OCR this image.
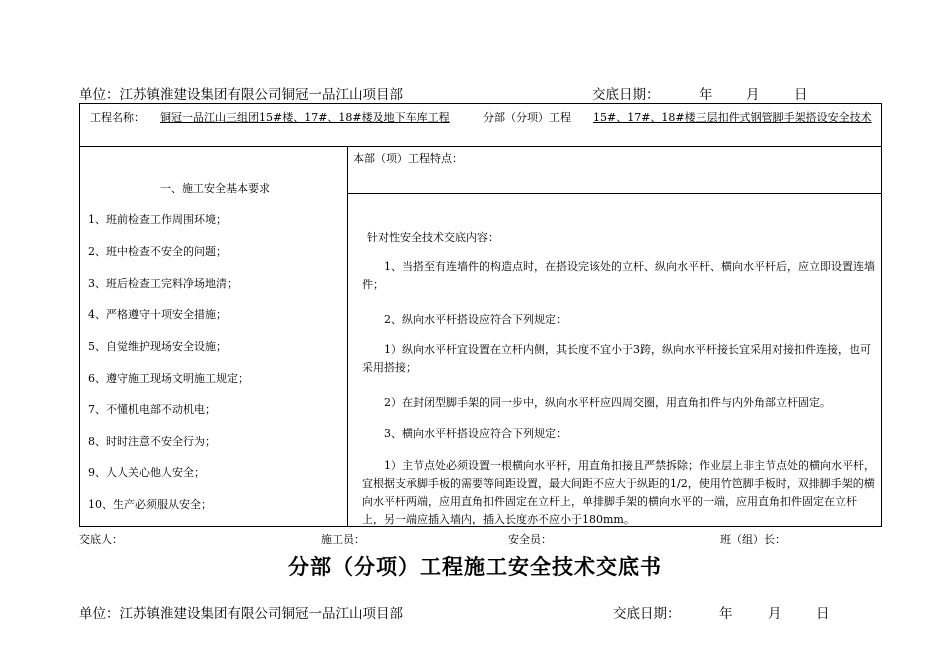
单位：江苏镇淮建设集团有限公司铜冠一品江山项目部	交底日期：	年 月	日
工程名称： 铜冠一品江山三组团15#楼、17#、18#楼及地下车库工程	分部（分项）工程 15#、17#、18#楼三层扣件式钢管脚手架搭设安全技术
本部（项）工程特点：
一、施工安全基本要求
1、班前检查工作周围环境；
2、班中检查不安全的问题；
3、班后检查工完料净场地清；
4、严格遵守十项安全措施；
5、自觉维护现场安全设施；
6、遵守施工现场文明施工规定；
7、不懂机电部不动机电；
8、时时注意不安全行为；
9、人人关心他人安全；
10、生产必须服从安全；

针对性安全技术交底内容：

1、当搭至有连墙件的构造点时，在搭设完该处的立杆、纵向水平杆、横向水平杆后，应立即设置连墙件；

2、纵向水平杆搭设应符合下列规定：

1）纵向水平杆宜设置在立杆内侧，其长度不宜小于3跨，纵向水平杆接长宜采用对接扣件连接，也可采用搭接；

2）在封闭型脚手架的同一步中，纵向水平杆应四周交圈，用直角扣件与内外角部立杆固定。

3、横向水平杆搭设应符合下列规定：

1）主节点处必须设置一根横向水平杆，用直角扣接且严禁拆除；作业层上非主节点处的横向水平杆，宜根据支承脚手板的需要等间距设置，最大间距不应大于纵距的1/2，使用竹笆脚手板时，双排脚手架的横向水平杆两端，应用直角扣件固定在立杆上，单排脚手架的横向水平的一端，应用直角扣件固定在立杆上，另一端应插入墙内，插入长度亦不应小于180mm。

交底人：	施工员：	安全员：	班（组）长：
分部（分项）工程施工安全技术交底书
单位：江苏镇淮建设集团有限公司铜冠一品江山项目部	交底日期：	年	月	日
